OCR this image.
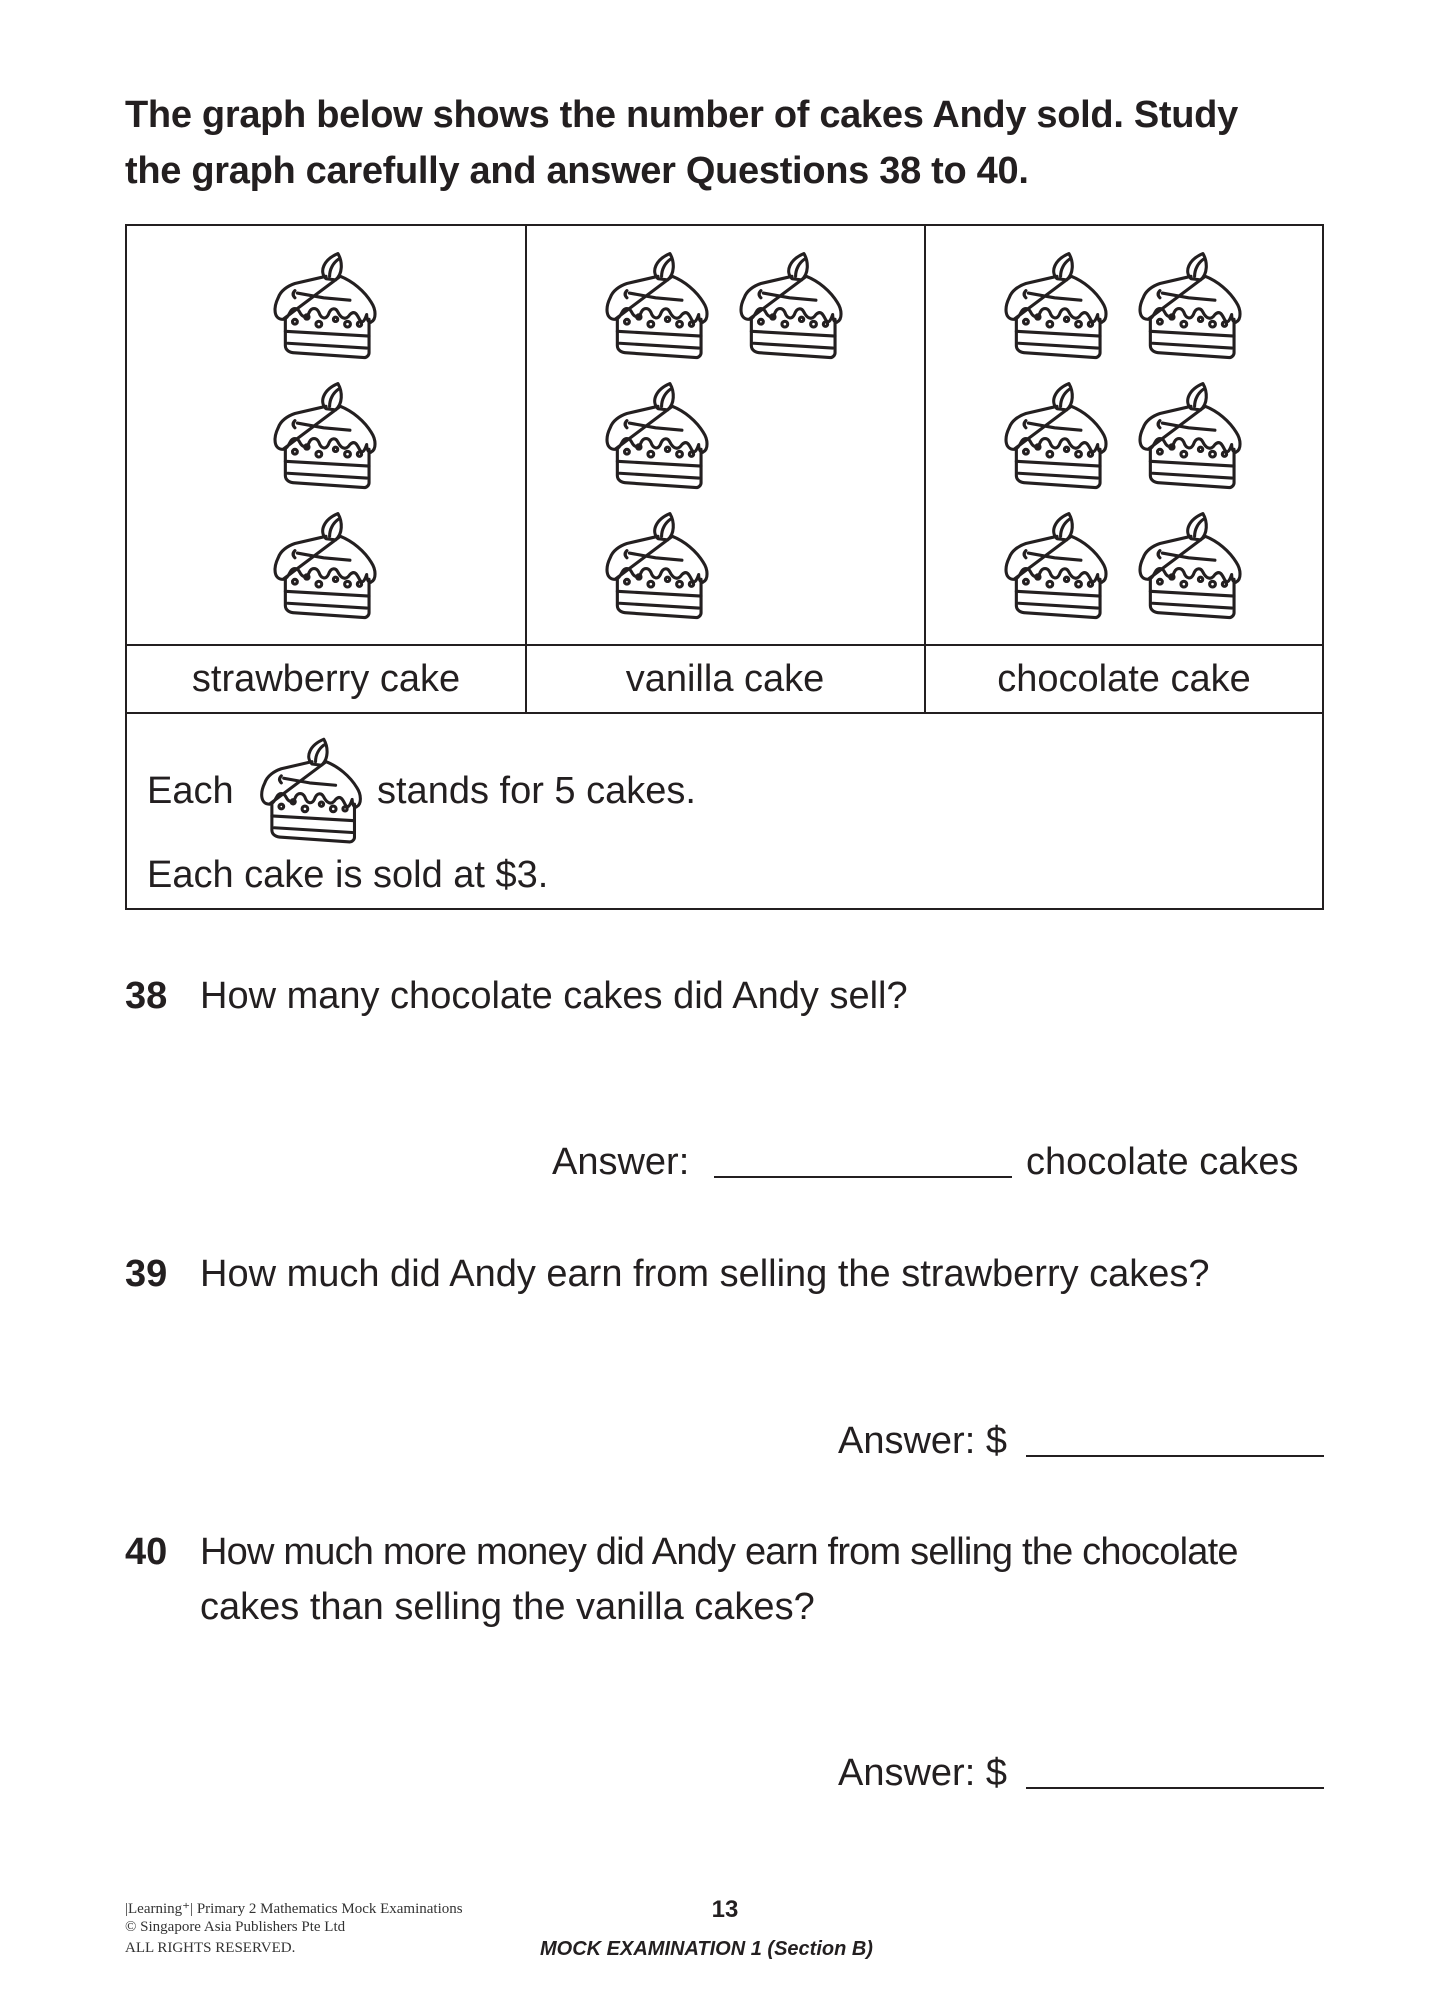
The graph below shows the number of cakes Andy sold. Study
the graph carefully and answer Questions 38 to 40.
strawberry cake	vanilla cake	chocolate cake
Each	stands for 5 cakes.
Each cake is sold at $3.
38 How many chocolate cakes did Andy sell?
Answer:	chocolate cakes
39 How much did Andy earn from selling the strawberry cakes?
Answer: $
40 How much more money did Andy earn from selling the chocolate
cakes than selling the vanilla cakes?
Answer: $
|Learning⁺| Primary 2 Mathematics Mock Examinations
© Singapore Asia Publishers Pte Ltd
ALL RIGHTS RESERVED.
13
MOCK EXAMINATION 1 (Section B)
